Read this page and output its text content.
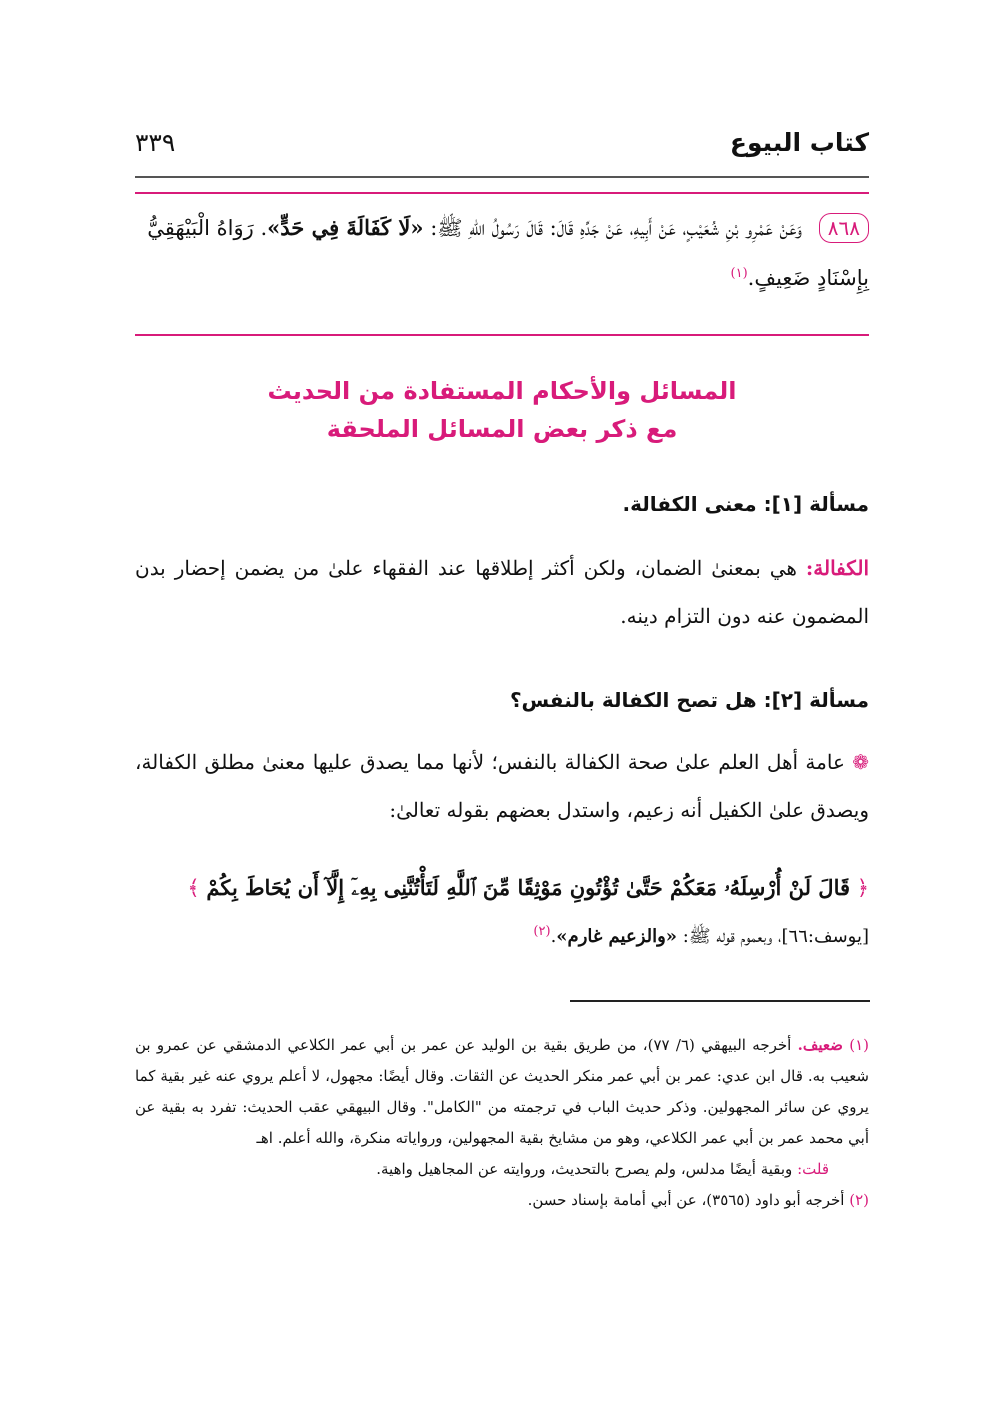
كتاب البيوع
٣٣٩
٨٦٨ وَعَنْ عَمْرِو بْنِ شُعَيْبٍ، عَنْ أَبِيهِ، عَنْ جَدِّهِ قَالَ: قَالَ رَسُولُ اللهِ ﷺ: «لَا كَفَالَةَ فِي حَدٍّ». رَوَاهُ الْبَيْهَقِيُّ بِإِسْنَادٍ ضَعِيفٍ.$^{(١)}$
المسائل والأحكام المستفادة من الحديث
مع ذكر بعض المسائل الملحقة
مسألة [١]: معنى الكفالة.
الكفالة: هي بمعنىٰ الضمان، ولكن أكثر إطلاقها عند الفقهاء علىٰ من يضمن إحضار بدن المضمون عنه دون التزام دينه.
مسألة [٢]: هل تصح الكفالة بالنفس؟
❁ عامة أهل العلم علىٰ صحة الكفالة بالنفس؛ لأنها مما يصدق عليها معنىٰ مطلق الكفالة، ويصدق علىٰ الكفيل أنه زعيم، واستدل بعضهم بقوله تعالىٰ:
﴿ قَالَ لَنْ أُرْسِلَهُۥ مَعَكُمْ حَتَّىٰ تُؤْتُونِ مَوْثِقًا مِّنَ ٱللَّهِ لَتَأْتُنَّنِى بِهِۦٓ إِلَّآ أَن يُحَاطَ بِكُمْ ﴾
[يوسف:٦٦]، وبعموم قوله ﷺ: «والزعيم غارم».$^{(٢)}$
(١) ضعيف. أخرجه البيهقي (٦/ ٧٧)، من طريق بقية بن الوليد عن عمر بن أبي عمر الكلاعي الدمشقي عن عمرو بن شعيب به. قال ابن عدي: عمر بن أبي عمر منكر الحديث عن الثقات. وقال أيضًا: مجهول، لا أعلم يروي عنه غير بقية كما يروي عن سائر المجهولين. وذكر حديث الباب في ترجمته من "الكامل". وقال البيهقي عقب الحديث: تفرد به بقية عن أبي محمد عمر بن أبي عمر الكلاعي، وهو من مشايخ بقية المجهولين، ورواياته منكرة، والله أعلم. اهـ
قلت: وبقية أيضًا مدلس، ولم يصرح بالتحديث، وروايته عن المجاهيل واهية.
(٢) أخرجه أبو داود (٣٥٦٥)، عن أبي أمامة بإسناد حسن.
